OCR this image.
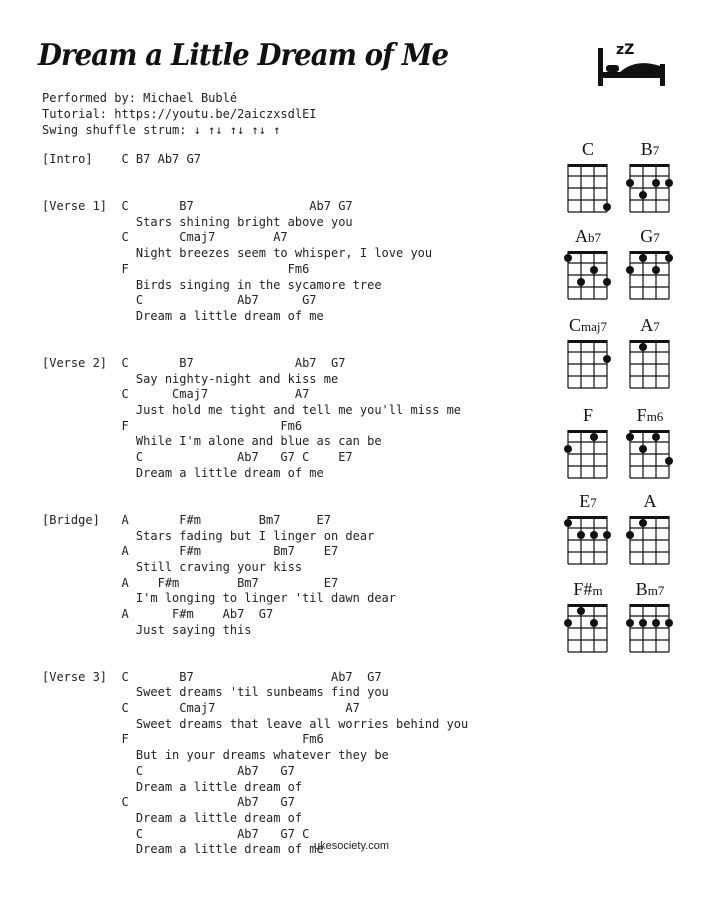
Dream a Little Dream of Me	zZ
Performed by: Michael Bublé
Tutorial: https://youtu.be/2aiczxsdlEI
Swing shuffle strum: ↓ ↑↓ ↑↓ ↑↓ ↑
[Intro]    C B7 Ab7 G7
[Verse 1]  C       B7                Ab7 G7
Stars shining bright above you
C       Cmaj7        A7
Night breezes seem to whisper, I love you
F                      Fm6
Birds singing in the sycamore tree
C             Ab7      G7
Dream a little dream of me
[Verse 2]  C       B7              Ab7  G7
Say nighty-night and kiss me
C      Cmaj7            A7
Just hold me tight and tell me you'll miss me
F                     Fm6
While I'm alone and blue as can be
C             Ab7   G7 C    E7
Dream a little dream of me
[Bridge]   A       F#m        Bm7     E7
Stars fading but I linger on dear
A       F#m          Bm7    E7
Still craving your kiss
A    F#m        Bm7         E7
I'm longing to linger 'til dawn dear
A      F#m    Ab7  G7
Just saying this
[Verse 3]  C       B7                   Ab7  G7
Sweet dreams 'til sunbeams find you
C       Cmaj7                  A7
Sweet dreams that leave all worries behind you
F                        Fm6
But in your dreams whatever they be
C             Ab7   G7
Dream a little dream of
C               Ab7   G7
Dream a little dream of
C             Ab7   G7 C
Dream a little dream of me
C	B7
Ab7	G7
Cmaj7	A7
F	Fm6
E7	A
F#m	Bm7
ukesociety.com
